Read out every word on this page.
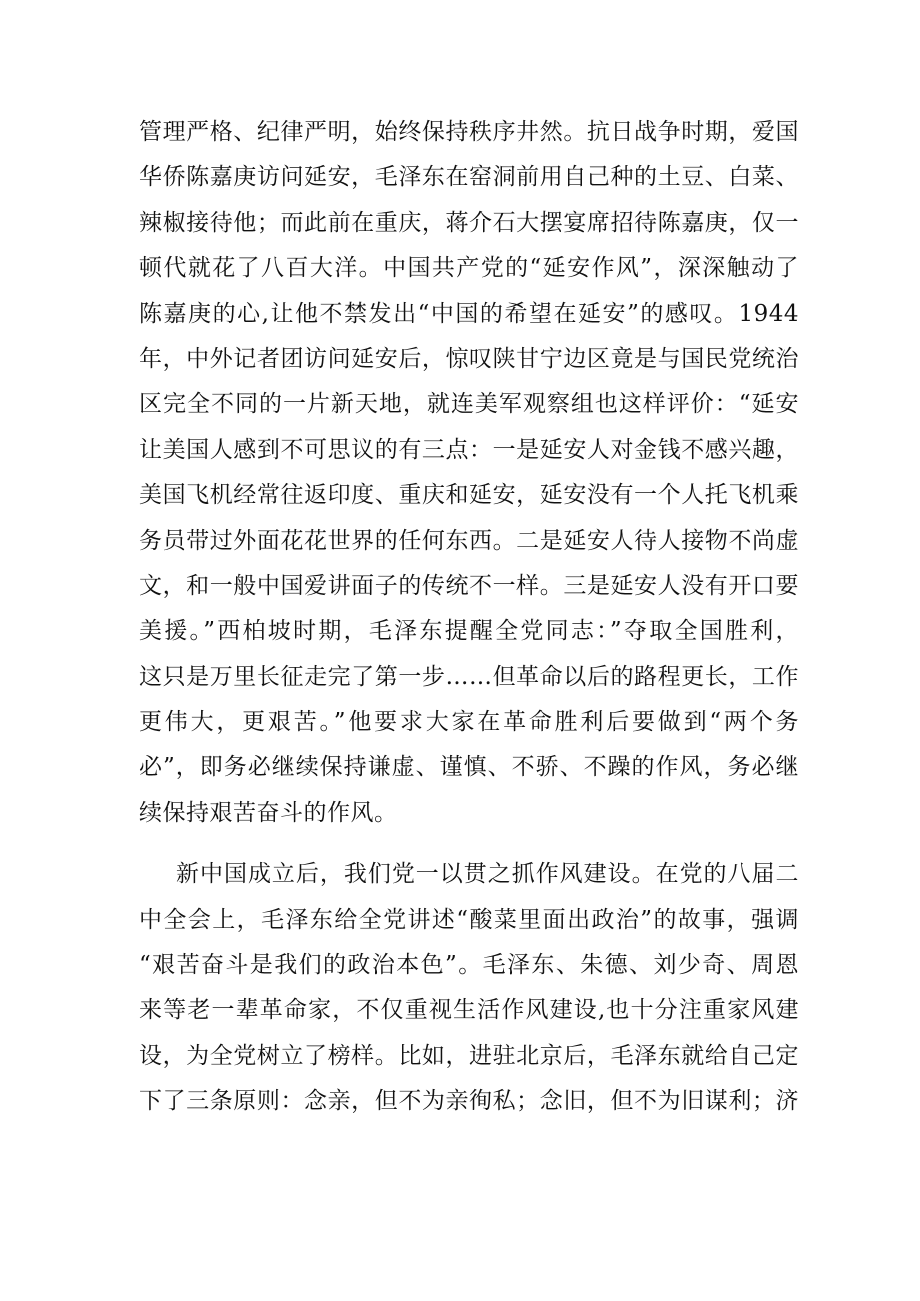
管理严格、纪律严明，始终保持秩序井然。抗日战争时期，爱国
华侨陈嘉庚访问延安，毛泽东在窑洞前用自己种的土豆、白菜、
辣椒接待他；而此前在重庆，蒋介石大摆宴席招待陈嘉庚，仅一
顿代就花了八百大洋。中国共产党的“延安作风”，深深触动了
陈嘉庚的心,让他不禁发出“中国的希望在延安”的感叹。1944
年，中外记者团访问延安后，惊叹陕甘宁边区竟是与国民党统治
区完全不同的一片新天地，就连美军观察组也这样评价：“延安
让美国人感到不可思议的有三点：一是延安人对金钱不感兴趣，
美国飞机经常往返印度、重庆和延安，延安没有一个人托飞机乘
务员带过外面花花世界的任何东西。二是延安人待人接物不尚虚
文，和一般中国爱讲面子的传统不一样。三是延安人没有开口要
美援。”西柏坡时期，毛泽东提醒全党同志：”夺取全国胜利，
这只是万里长征走完了第一步……但革命以后的路程更长，工作
更伟大，更艰苦。”他要求大家在革命胜利后要做到“两个务
必”，即务必继续保持谦虚、谨慎、不骄、不躁的作风，务必继
续保持艰苦奋斗的作风。
新中国成立后，我们党一以贯之抓作风建设。在党的八届二
中全会上，毛泽东给全党讲述“酸菜里面出政治”的故事，强调
“艰苦奋斗是我们的政治本色”。毛泽东、朱德、刘少奇、周恩
来等老一辈革命家，不仅重视生活作风建设,也十分注重家风建
设，为全党树立了榜样。比如，进驻北京后，毛泽东就给自己定
下了三条原则：念亲，但不为亲徇私；念旧，但不为旧谋利；济
